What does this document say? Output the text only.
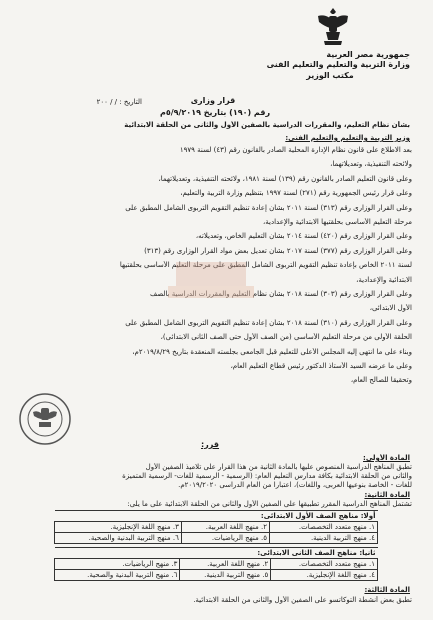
جمهورية مصر العربية
وزارة التربية والتعليم والتعليم الفنى
مكتب الوزير
التاريخ : / / ٢٠٠	قرار وزارى
رقم (١٩٠) بتاريخ ٥/٩/٢٠١٩م
بشأن نظام التعليم، والمقررات الدراسية بالصفين الأول والثانى من الحلقة الابتدائية
وزير التربية والتعليم والتعليم الفنى:
بعد الاطلاع على قانون نظام الإدارة المحلية الصادر بالقانون رقم (٤٣) لسنة ١٩٧٩
ولائحته التنفيذية، وتعديلاتهما،
وعلى قانون التعليم الصادر بالقانون رقم (١٣٩) لسنة ١٩٨١، ولائحته التنفيذية، وتعديلاتهما،
وعلى قرار رئيس الجمهورية رقم (٢٧١) لسنة ١٩٩٧ بتنظيم وزارة التربية والتعليم،
وعلى القرار الوزارى رقم (٣١٣) لسنة ٢٠١١ بشأن إعادة تنظيم التقويم التربوى الشامل المطبق على
مرحلة التعليم الأساسى بحلقتيها الابتدائية والإعدادية،
وعلى القرار الوزارى رقم (٤٢٠) لسنة ٢٠١٤ بشأن التعليم الخاص، وتعديلاته،
وعلى القرار الوزارى رقم (٣٧٧) لسنة ٢٠١٧ بشأن تعديل بعض مواد القرار الوزارى رقم (٣١٣)
لسنة ٢٠١١ الخاص بإعادة تنظيم التقويم التربوى الشامل المطبق على مرحلة التعليم الأساسى بحلقتيها
الابتدائية والإعدادية،
وعلى القرار الوزارى رقم (٣٠٣) لسنة ٢٠١٨ بشأن نظام التعليم والمقررات الدراسية بالصف
الأول الابتدائى،
وعلى القرار الوزارى رقم (٣١٠) لسنة ٢٠١٨ بشأن إعادة تنظيم التقويم التربوى الشامل المطبق على
الحلقة الأولى من مرحلة التعليم الأساسى (من الصف الأول حتى الصف الثانى الابتدائى)،
وبناء على ما انتهى إليه المجلس الأعلى للتعليم قبل الجامعى بجلسته المنعقدة بتاريخ ٢٠١٩/٨/٢٩م،
وعلى ما عرضه السيد الأستاذ الدكتور رئيس قطاع التعليم العام،
وتحقيقا للصالح العام،
قرر:
المادة الأولى:
تطبق المناهج الدراسية المنصوص عليها بالمادة الثانية من هذا القرار على تلاميذ الصفين الأول
والثانى من الحلقة الابتدائية بكافة مدارس التعليم العام: (الرسمية - الرسمية للغات- الرسمية المتميزة
للغات - الخاصة بنوعيها العربى، واللغات)، اعتبارا من العام الدراسى ٢٠١٩/٢٠٢٠م.
المادة الثانية:
تشتمل المناهج الدراسية المقرر تطبيقها على الصفين الأول والثانى من الحلقة الابتدائية على ما يلى:
أولا: مناهج الصف الأول الابتدائى:		
١. منهج متعدد التخصصات.	٢. منهج اللغة العربية.	٣. منهج اللغة الإنجليزية.
٤. منهج التربية الدينية.	٥. منهج الرياضيات.	٦. منهج التربية البدنية والصحية.
ثانيا: مناهج الصف الثانى الابتدائى:		
١. منهج متعدد التخصصات.	٢. منهج اللغة العربية.	٣. منهج الرياضيات.
٤. منهج اللغة الإنجليزية.	٥. منهج التربية الدينية.	٦. منهج التربية البدنية والصحية.
المادة الثالثة:
تطبق بعض أنشطة التوكاتسو على الصفين الأول والثانى من الحلقة الابتدائية.
